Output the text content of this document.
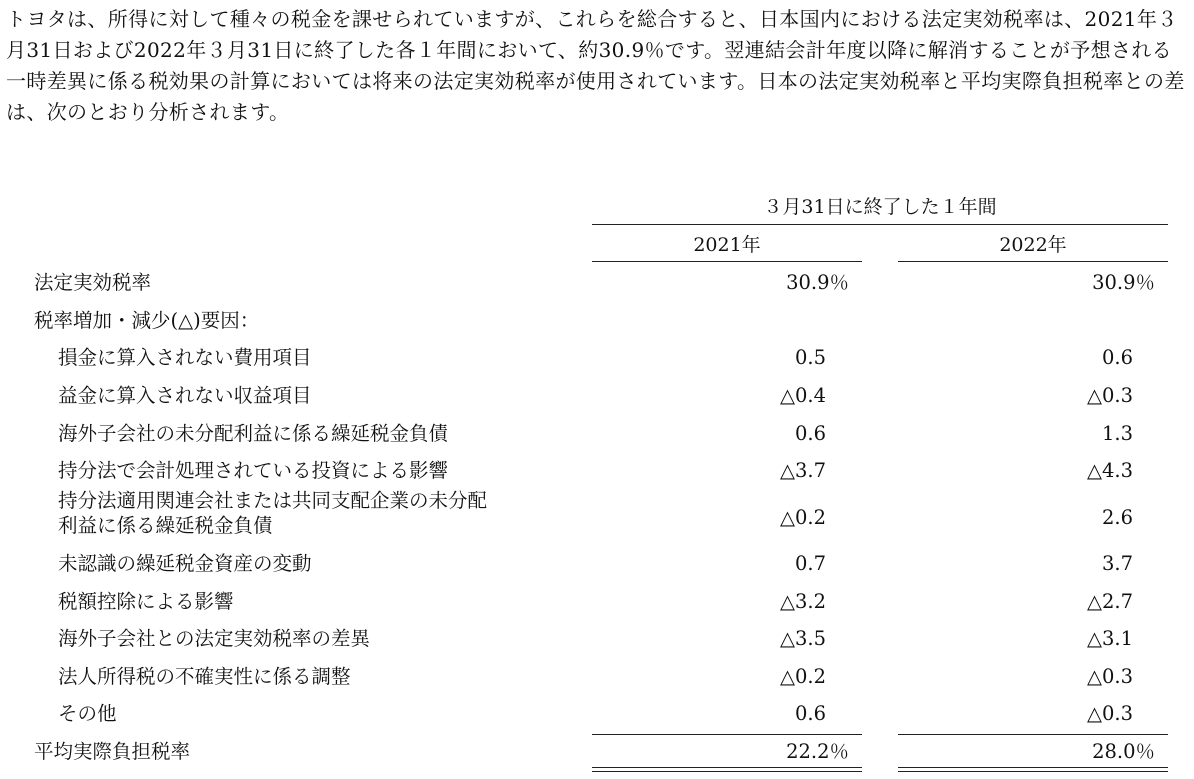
トヨタは、所得に対して種々の税金を課せられていますが、これらを総合すると、日本国内における法定実効税率は、2021年３月31日および2022年３月31日に終了した各１年間において、約30.9％です。翌連結会計年度以降に解消することが予想される一時差異に係る税効果の計算においては将来の法定実効税率が使用されています。日本の法定実効税率と平均実際負担税率との差は、次のとおり分析されます。

３月31日に終了した１年間
2021年	2022年
法定実効税率	30.9％	30.9％
税率増加・減少(△)要因：
損金に算入されない費用項目	0.5	0.6
益金に算入されない収益項目	△0.4	△0.3
海外子会社の未分配利益に係る繰延税金負債	0.6	1.3
持分法で会計処理されている投資による影響	△3.7	△4.3
持分法適用関連会社または共同支配企業の未分配利益に係る繰延税金負債	△0.2	2.6
未認識の繰延税金資産の変動	0.7	3.7
税額控除による影響	△3.2	△2.7
海外子会社との法定実効税率の差異	△3.5	△3.1
法人所得税の不確実性に係る調整	△0.2	△0.3
その他	0.6	△0.3
平均実際負担税率	22.2％	28.0％
